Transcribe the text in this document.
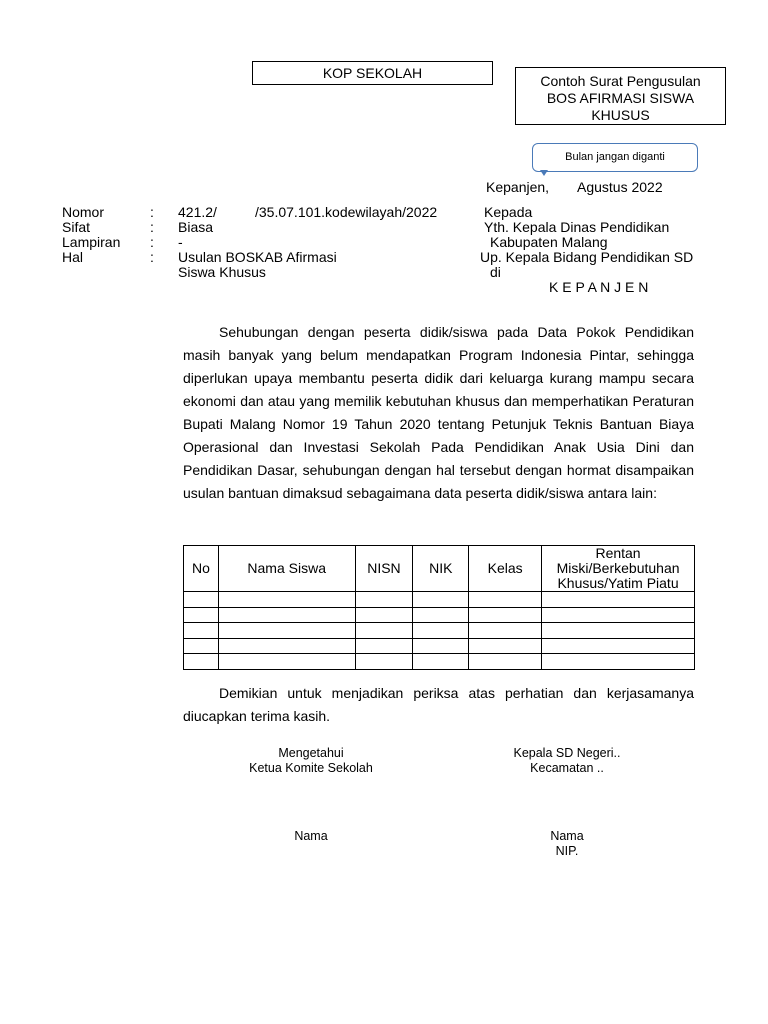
KOP SEKOLAH	Contoh Surat Pengusulan
BOS AFIRMASI SISWA
KHUSUS
Bulan jangan diganti
Kepanjen, Agustus 2022
Nomor	: 421.2/	/35.07.101.kodewilayah/2022
Sifat	: Biasa
Lampiran : -
Hal	: Usulan BOSKAB Afirmasi
Siswa Khusus
Kepada
Yth. Kepala Dinas Pendidikan
Kabupaten Malang
Up. Kepala Bidang Pendidikan SD
di
K E P A N J E N
Sehubungan dengan peserta didik/siswa pada Data Pokok Pendidikan masih banyak yang belum mendapatkan Program Indonesia Pintar, sehingga diperlukan upaya membantu peserta didik dari keluarga kurang mampu secara ekonomi dan atau yang memilik kebutuhan khusus dan memperhatikan Peraturan Bupati Malang Nomor 19 Tahun 2020 tentang Petunjuk Teknis Bantuan Biaya Operasional dan Investasi Sekolah Pada Pendidikan Anak Usia Dini dan Pendidikan Dasar, sehubungan dengan hal tersebut dengan hormat disampaikan usulan bantuan dimaksud sebagaimana data peserta didik/siswa antara lain:
No	Nama Siswa	NISN	NIK	Kelas	Rentan Miski/Berkebutuhan Khusus/Yatim Piatu

Demikian untuk menjadikan periksa atas perhatian dan kerjasamanya diucapkan terima kasih.
Mengetahui
Ketua Komite Sekolah
Nama
Kepala SD Negeri..
Kecamatan ..
Nama
NIP.
